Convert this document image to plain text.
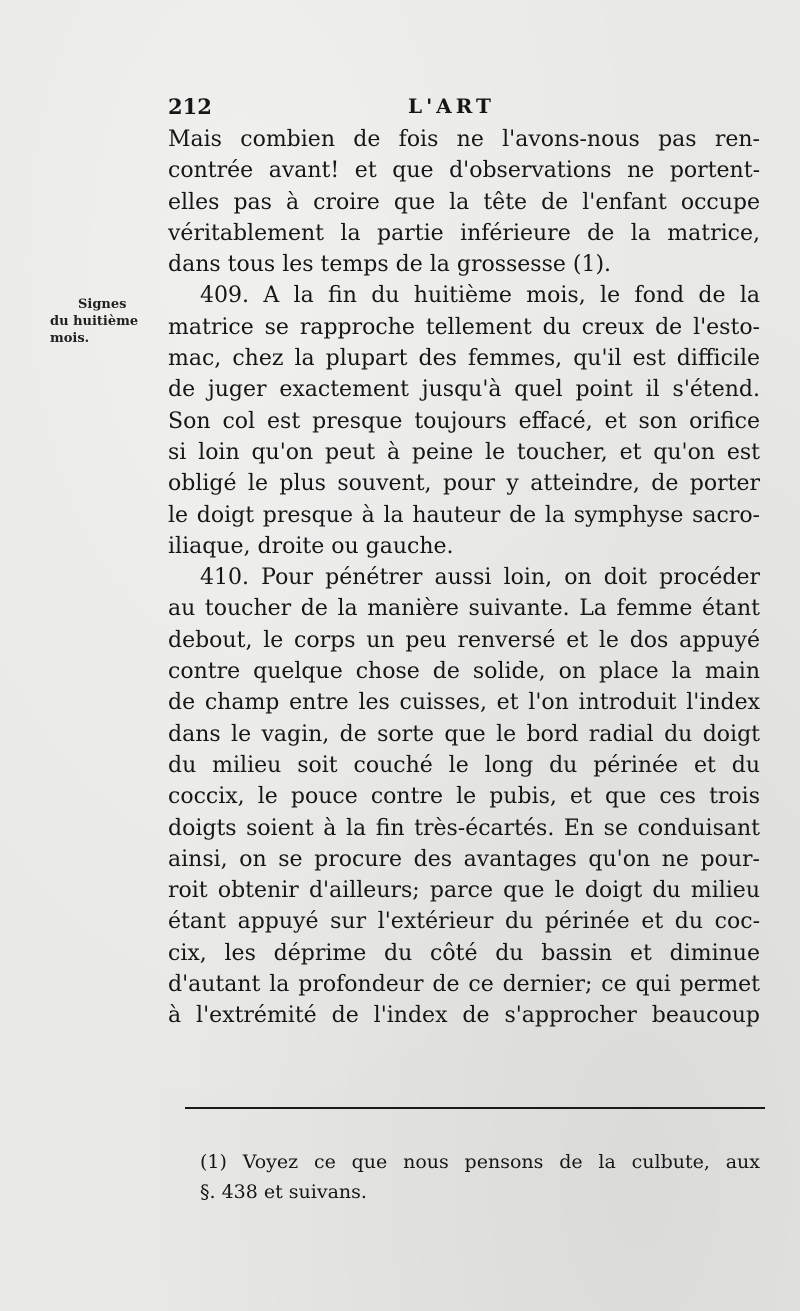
212	L'ART
Signes
du huitième
mois.
Mais combien de fois ne l'avons-nous pas ren-
contrée avant! et que d'observations ne portent-
elles pas à croire que la tête de l'enfant occupe
véritablement la partie inférieure de la matrice,
dans tous les temps de la grossesse (1).
409. A la fin du huitième mois, le fond de la
matrice se rapproche tellement du creux de l'esto-
mac, chez la plupart des femmes, qu'il est difficile
de juger exactement jusqu'à quel point il s'étend.
Son col est presque toujours effacé, et son orifice
si loin qu'on peut à peine le toucher, et qu'on est
obligé le plus souvent, pour y atteindre, de porter
le doigt presque à la hauteur de la symphyse sacro-
iliaque, droite ou gauche.
410. Pour pénétrer aussi loin, on doit procéder
au toucher de la manière suivante. La femme étant
debout, le corps un peu renversé et le dos appuyé
contre quelque chose de solide, on place la main
de champ entre les cuisses, et l'on introduit l'index
dans le vagin, de sorte que le bord radial du doigt
du milieu soit couché le long du périnée et du
coccix, le pouce contre le pubis, et que ces trois
doigts soient à la fin très-écartés. En se conduisant
ainsi, on se procure des avantages qu'on ne pour-
roit obtenir d'ailleurs; parce que le doigt du milieu
étant appuyé sur l'extérieur du périnée et du coc-
cix, les déprime du côté du bassin et diminue
d'autant la profondeur de ce dernier; ce qui permet
à l'extrémité de l'index de s'approcher beaucoup
(1) Voyez ce que nous pensons de la culbute, aux
§. 438 et suivans.
